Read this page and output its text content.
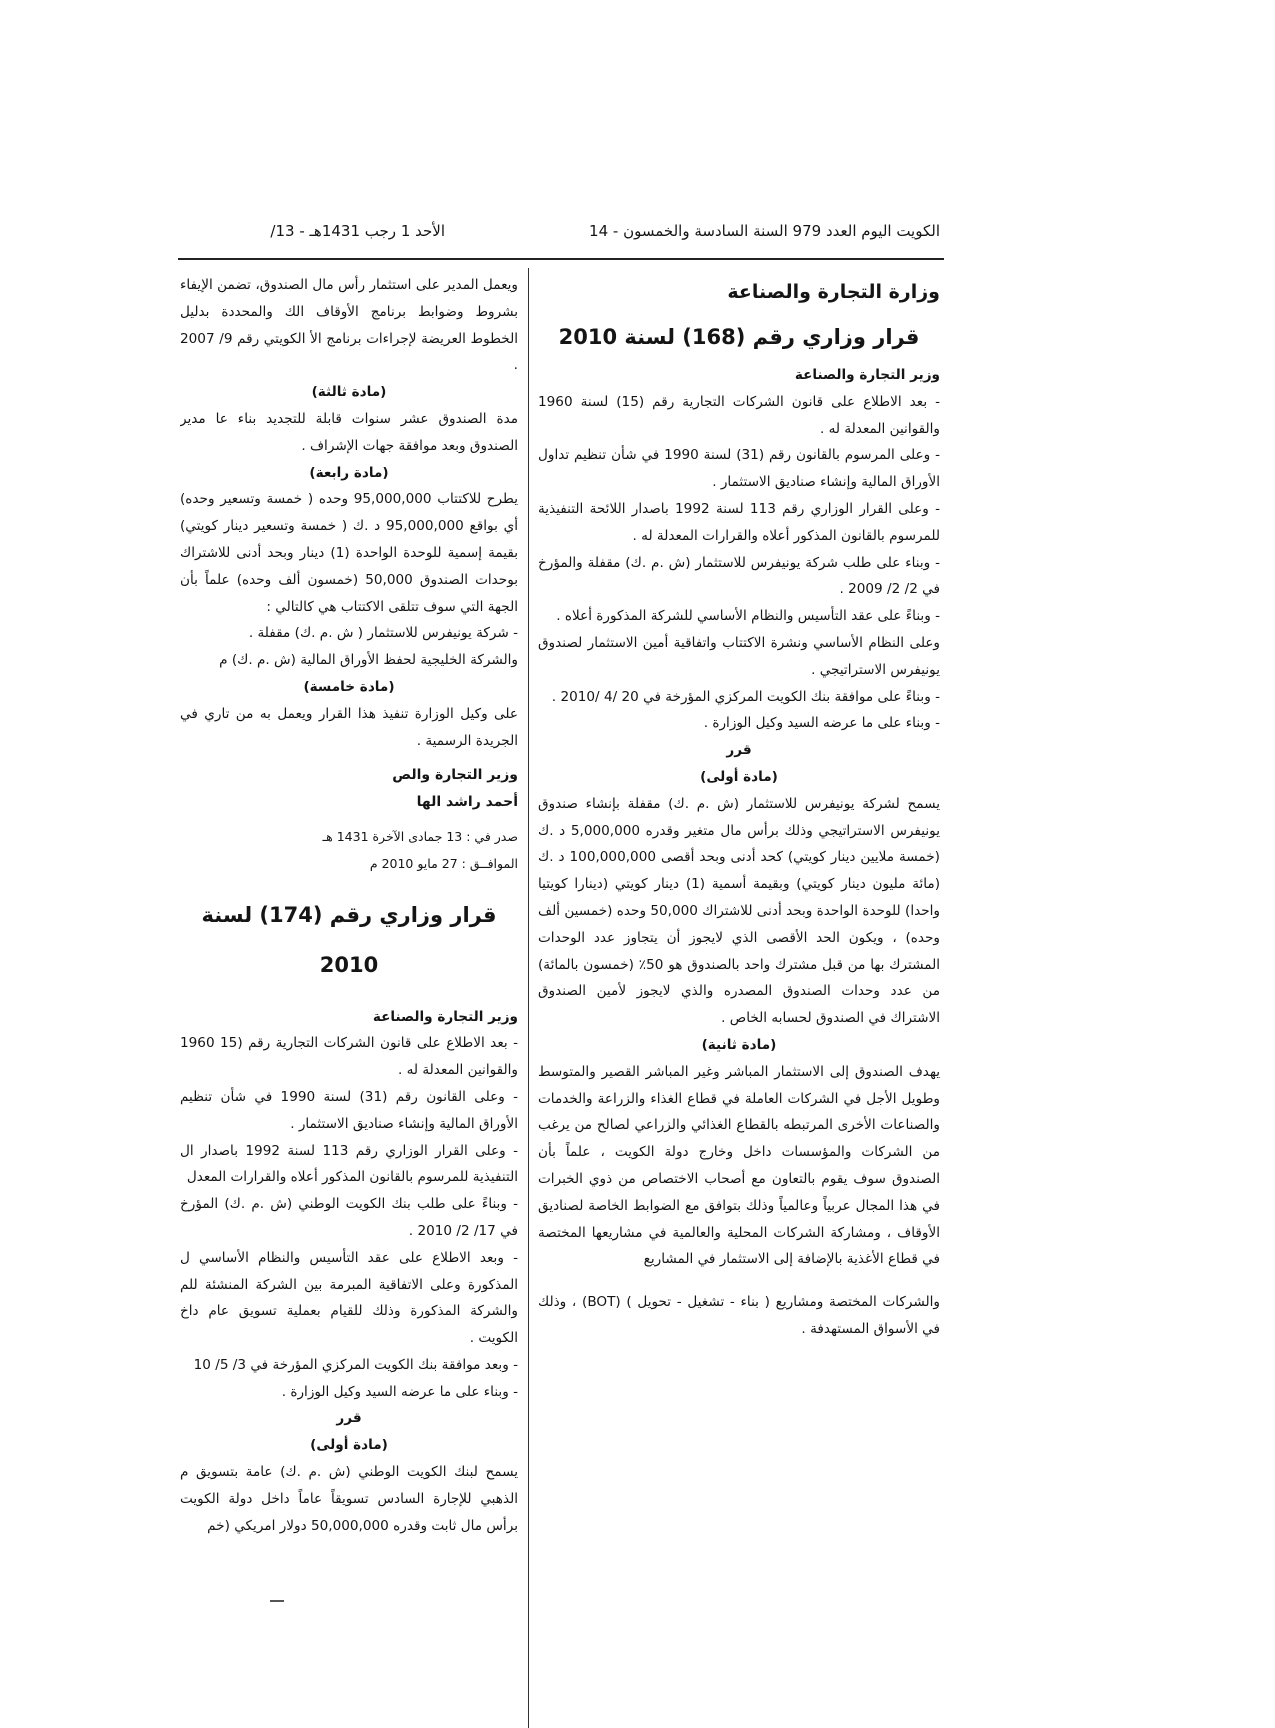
الكويت اليوم العدد 979 السنة السادسة والخمسون - 14
الأحد 1 رجب 1431هـ - 13/

وزارة التجارة والصناعة

قرار وزاري رقم (168) لسنة 2010

وزير التجارة والصناعة

- بعد الاطلاع على قانون الشركات التجارية رقم (15) لسنة 1960 والقوانين المعدلة له .

- وعلى المرسوم بالقانون رقم (31) لسنة 1990 في شأن تنظيم تداول الأوراق المالية وإنشاء صناديق الاستثمار .

- وعلى القرار الوزاري رقم 113 لسنة 1992 باصدار اللائحة التنفيذية للمرسوم بالقانون المذكور أعلاه والقرارات المعدلة له .

- وبناء على طلب شركة يونيفرس للاستثمار (ش .م .ك) مقفلة والمؤرخ في 2/ 2/ 2009 .

- وبناءً على عقد التأسيس والنظام الأساسي للشركة المذكورة أعلاه .

وعلى النظام الأساسي ونشرة الاكتتاب واتفاقية أمين الاستثمار لصندوق يونيفرس الاستراتيجي .

- وبناءً على موافقة بنك الكويت المركزي المؤرخة في 20 /4 /2010 .

- وبناء على ما عرضه السيد وكيل الوزارة .

قرر

(مادة أولى)

يسمح لشركة يونيفرس للاستثمار (ش .م .ك) مقفلة بإنشاء صندوق يونيفرس الاستراتيجي وذلك برأس مال متغير وقدره 5,000,000 د .ك (خمسة ملايين دينار كويتي) كحد أدنى وبحد أقصى 100,000,000 د .ك (مائة مليون دينار كويتي) وبقيمة أسمية (1) دينار كويتي (دينارا كويتيا واحدا) للوحدة الواحدة وبحد أدنى للاشتراك 50,000 وحده (خمسين ألف وحده) ، ويكون الحد الأقصى الذي لايجوز أن يتجاوز عدد الوحدات المشترك بها من قبل مشترك واحد بالصندوق هو 50٪ (خمسون بالمائة) من عدد وحدات الصندوق المصدره والذي لايجوز لأمين الصندوق الاشتراك في الصندوق لحسابه الخاص .

(مادة ثانية)

يهدف الصندوق إلى الاستثمار المباشر وغير المباشر القصير والمتوسط وطويل الأجل في الشركات العاملة في قطاع الغذاء والزراعة والخدمات والصناعات الأخرى المرتبطه بالقطاع الغذائي والزراعي لصالح من يرغب من الشركات والمؤسسات داخل وخارج دولة الكويت ، علماً بأن الصندوق سوف يقوم بالتعاون مع أصحاب الاختصاص من ذوي الخبرات في هذا المجال عربياً وعالمياً وذلك بتوافق مع الضوابط الخاصة لصناديق الأوقاف ، ومشاركة الشركات المحلية والعالمية في مشاريعها المختصة في قطاع الأغذية بالإضافة إلى الاستثمار في المشاريع

والشركات المختصة ومشاريع ( بناء - تشغيل - تحويل ) (BOT) ، وذلك في الأسواق المستهدفة .

ويعمل المدير على استثمار رأس مال الصندوق، تضمن الإيفاء بشروط وضوابط برنامج الأوقاف الك والمحددة بدليل الخطوط العريضة لإجراءات برنامج الأ الكويتي رقم 9/ 2007 .

(مادة ثالثة)

مدة الصندوق عشر سنوات قابلة للتجديد بناء عا مدير الصندوق وبعد موافقة جهات الإشراف .

(مادة رابعة)

يطرح للاكتتاب 95,000,000 وحده ( خمسة وتسعير وحده) أي بواقع 95,000,000 د .ك ( خمسة وتسعير دينار كويتي) بقيمة إسمية للوحدة الواحدة (1) دينار وبحد أدنى للاشتراك بوحدات الصندوق 50,000 (خمسون ألف وحده) علماً بأن الجهة التي سوف تتلقى الاكتتاب هي كالتالي :

- شركة يونيفرس للاستثمار ( ش .م .ك) مقفلة .

والشركة الخليجية لحفظ الأوراق المالية (ش .م .ك) م

(مادة خامسة)

على وكيل الوزارة تنفيذ هذا القرار ويعمل به من تاري في الجريدة الرسمية .

وزير التجارة والص

أحمد راشد الها

صدر في : 13 جمادى الآخرة 1431 هـ

الموافــق : 27 مايو 2010 م

قرار وزاري رقم (174) لسنة 2010

وزير التجارة والصناعة

- بعد الاطلاع على قانون الشركات التجارية رقم (15 1960 والقوانين المعدلة له .

- وعلى القانون رقم (31) لسنة 1990 في شأن تنظيم الأوراق المالية وإنشاء صناديق الاستثمار .

- وعلى القرار الوزاري رقم 113 لسنة 1992 باصدار ال التنفيذية للمرسوم بالقانون المذكور أعلاه والقرارات المعدل

- وبناءً على طلب بنك الكويت الوطني (ش .م .ك) المؤرخ في 17/ 2/ 2010 .

- وبعد الاطلاع على عقد التأسيس والنظام الأساسي ل المذكورة وعلى الاتفاقية المبرمة بين الشركة المنشئة للم والشركة المذكورة وذلك للقيام بعملية تسويق عام داخ الكويت .

- وبعد موافقة بنك الكويت المركزي المؤرخة في 3/ 5/ 10

- وبناء على ما عرضه السيد وكيل الوزارة .

قرر

(مادة أولى)

يسمح لبنك الكويت الوطني (ش .م .ك) عامة بتسويق م الذهبي للإجارة السادس تسويقاً عاماً داخل دولة الكويت برأس مال ثابت وقدره 50,000,000 دولار امريكي (خم
